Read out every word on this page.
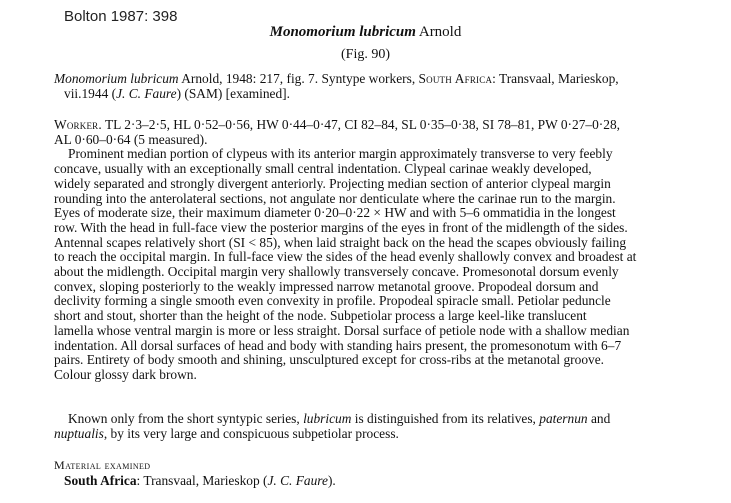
Bolton 1987: 398
Monomorium lubricum Arnold
(Fig. 90)
Monomorium lubricum Arnold, 1948: 217, fig. 7. Syntype workers, South Africa: Transvaal, Marieskop,
vii.1944 (J. C. Faure) (SAM) [examined].
Worker. TL 2·3–2·5, HL 0·52–0·56, HW 0·44–0·47, CI 82–84, SL 0·35–0·38, SI 78–81, PW 0·27–0·28,
AL 0·60–0·64 (5 measured).
Prominent median portion of clypeus with its anterior margin approximately transverse to very feebly
concave, usually with an exceptionally small central indentation. Clypeal carinae weakly developed,
widely separated and strongly divergent anteriorly. Projecting median section of anterior clypeal margin
rounding into the anterolateral sections, not angulate nor denticulate where the carinae run to the margin.
Eyes of moderate size, their maximum diameter 0·20–0·22 × HW and with 5–6 ommatidia in the longest
row. With the head in full-face view the posterior margins of the eyes in front of the midlength of the sides.
Antennal scapes relatively short (SI < 85), when laid straight back on the head the scapes obviously failing
to reach the occipital margin. In full-face view the sides of the head evenly shallowly convex and broadest at
about the midlength. Occipital margin very shallowly transversely concave. Promesonotal dorsum evenly
convex, sloping posteriorly to the weakly impressed narrow metanotal groove. Propodeal dorsum and
declivity forming a single smooth even convexity in profile. Propodeal spiracle small. Petiolar peduncle
short and stout, shorter than the height of the node. Subpetiolar process a large keel-like translucent
lamella whose ventral margin is more or less straight. Dorsal surface of petiole node with a shallow median
indentation. All dorsal surfaces of head and body with standing hairs present, the promesonotum with 6–7
pairs. Entirety of body smooth and shining, unsculptured except for cross-ribs at the metanotal groove.
Colour glossy dark brown.
Known only from the short syntypic series, lubricum is distinguished from its relatives, paternun and
nuptualis, by its very large and conspicuous subpetiolar process.
Material examined
South Africa: Transvaal, Marieskop (J. C. Faure).
